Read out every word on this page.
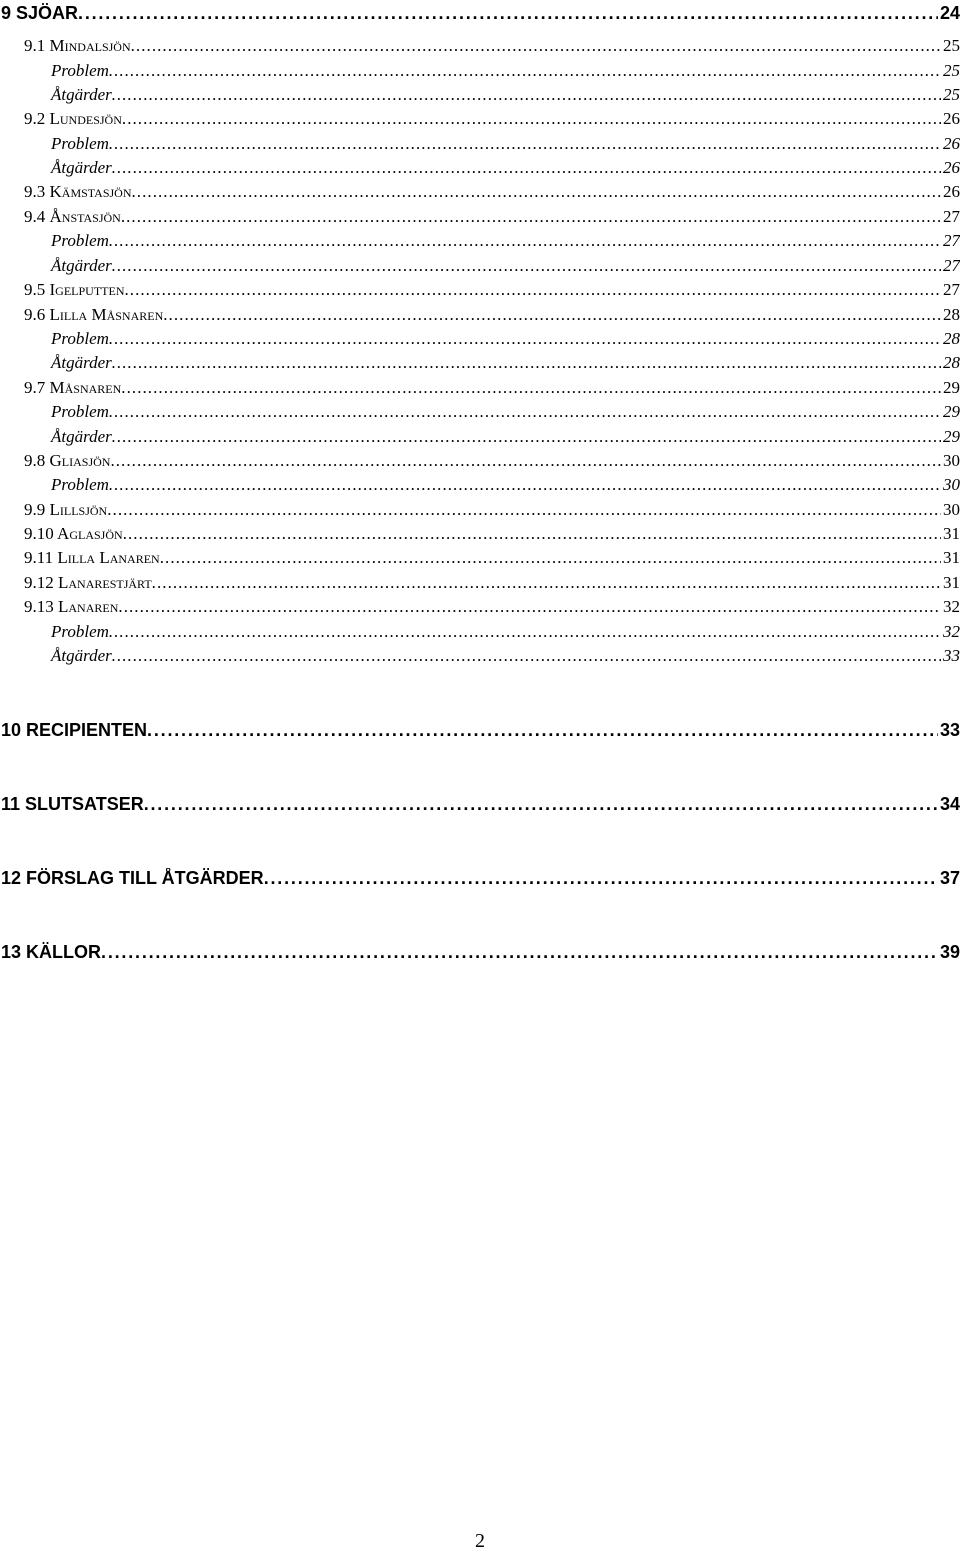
9 SJÖAR . . .	24
9.1 Mindalsjön . . .	25
Problem . . .	25
Åtgärder . . .	25
9.2 Lundesjön . . .	26
Problem . . .	26
Åtgärder . . .	26
9.3 Kämstasjön . . .	26
9.4 Ånstasjön . . .	27
Problem . . .	27
Åtgärder . . .	27
9.5 Igelputten . . .	27
9.6 Lilla Måsnaren . . .	28
Problem . . .	28
Åtgärder . . .	28
9.7 Måsnaren . . .	29
Problem . . .	29
Åtgärder . . .	29
9.8 Gliasjön . . .	30
Problem . . .	30
9.9 Lillsjön . . .	30
9.10 Aglasjön . . .	31
9.11 Lilla Lanaren . . .	31
9.12 Lanarestjärt . . .	31
9.13 Lanaren . . .	32
Problem . . .	32
Åtgärder . . .	33
10 RECIPIENTEN . . .	33
11 SLUTSATSER . . .	34
12 FÖRSLAG TILL ÅTGÄRDER . . .	37
13 KÄLLOR . . .	39
2
